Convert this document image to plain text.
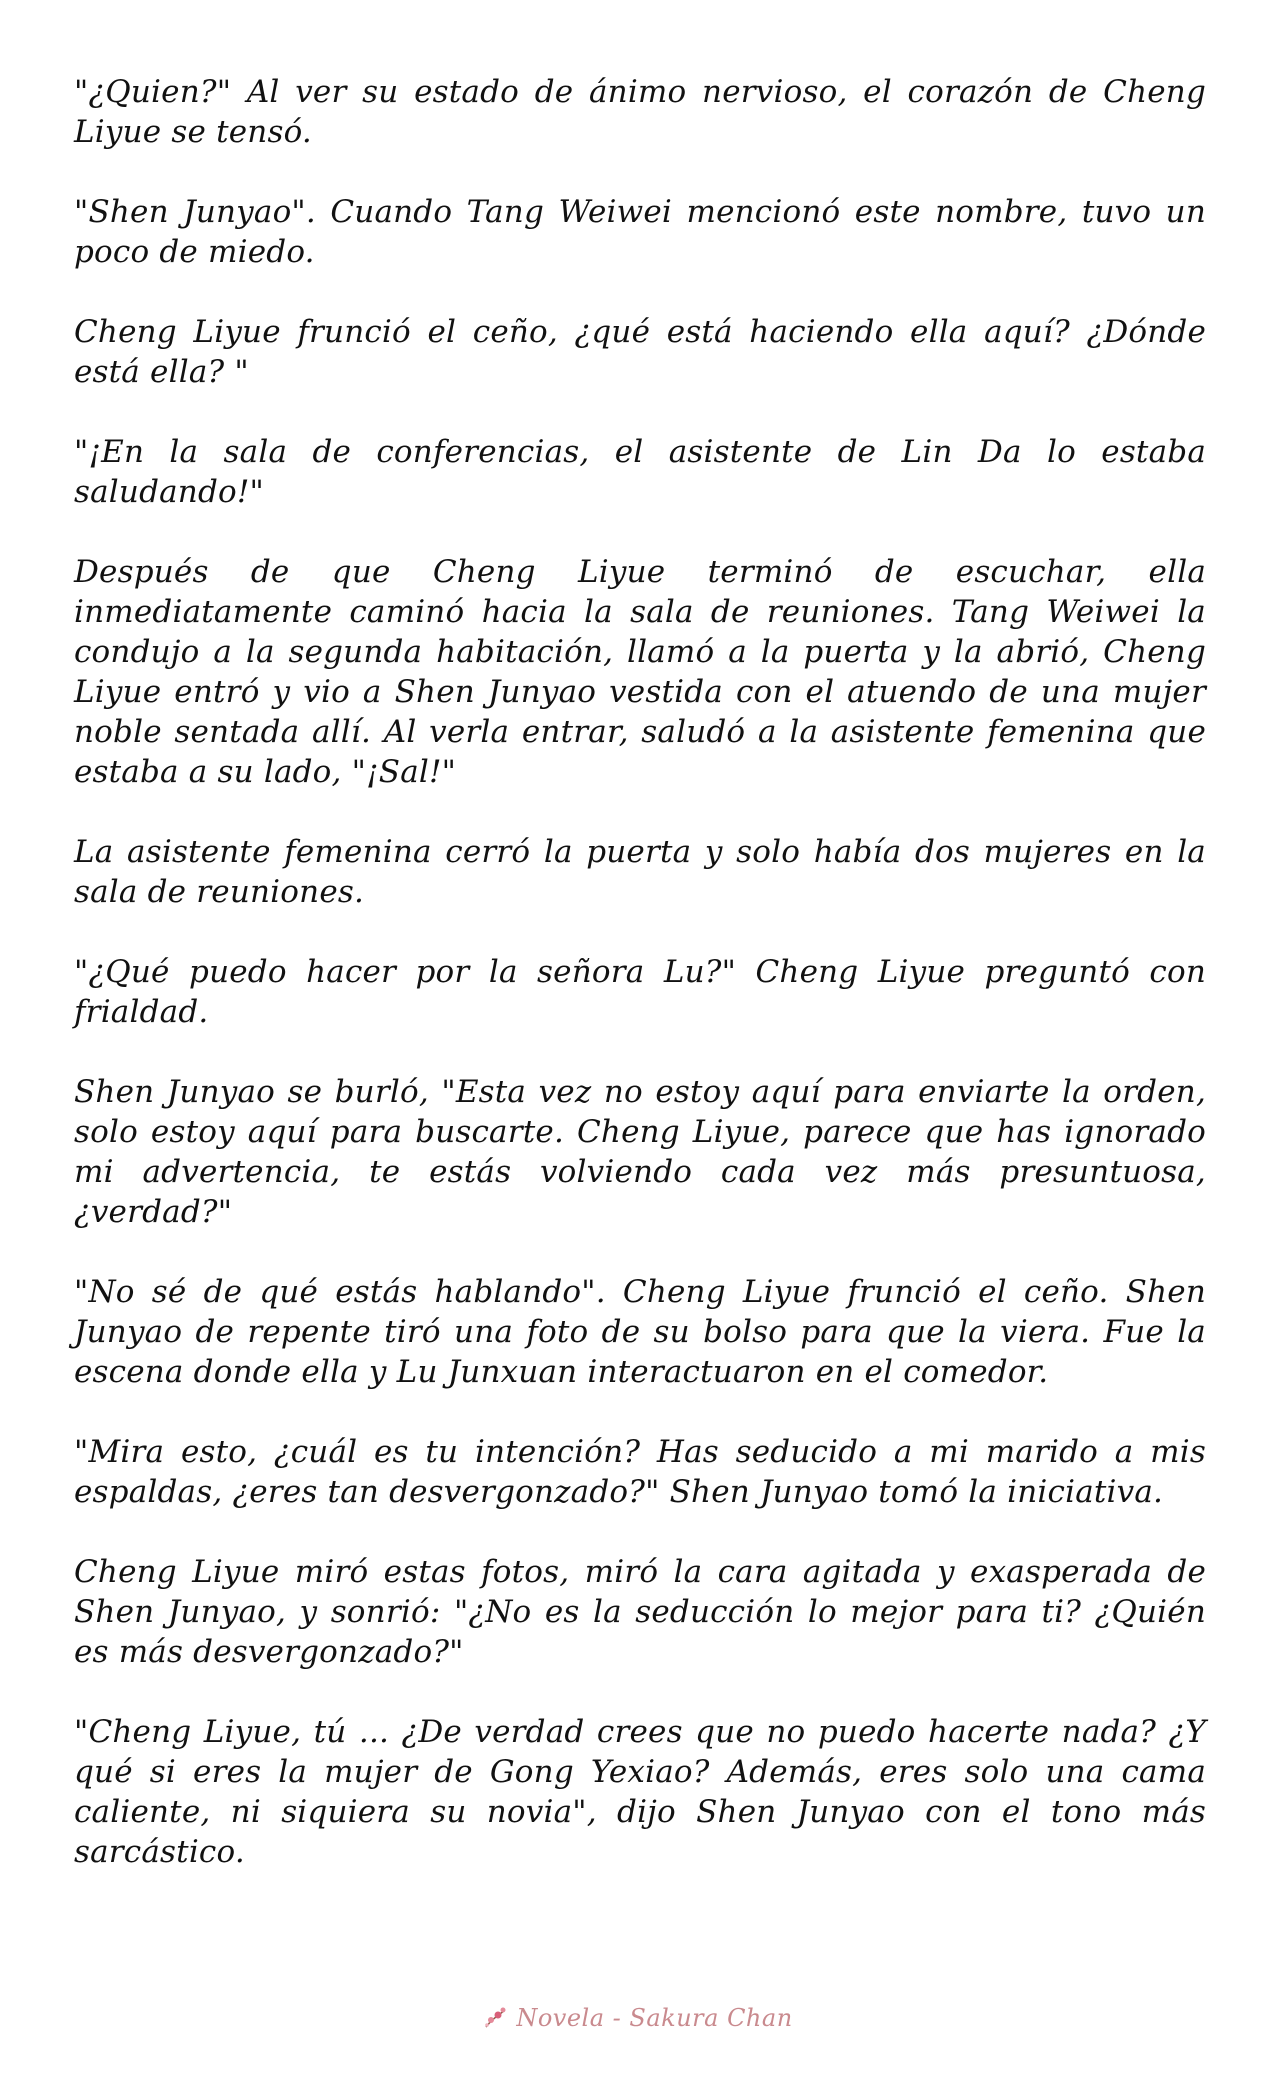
"¿Quien?" Al ver su estado de ánimo nervioso, el corazón de Cheng Liyue se tensó.

"Shen Junyao". Cuando Tang Weiwei mencionó este nombre, tuvo un poco de miedo.

Cheng Liyue frunció el ceño, ¿qué está haciendo ella aquí? ¿Dónde está ella? "

"¡En la sala de conferencias, el asistente de Lin Da lo estaba saludando!"

Después de que Cheng Liyue terminó de escuchar, ella inmediatamente caminó hacia la sala de reuniones. Tang Weiwei la condujo a la segunda habitación, llamó a la puerta y la abrió, Cheng Liyue entró y vio a Shen Junyao vestida con el atuendo de una mujer noble sentada allí. Al verla entrar, saludó a la asistente femenina que estaba a su lado, "¡Sal!"

La asistente femenina cerró la puerta y solo había dos mujeres en la sala de reuniones.

"¿Qué puedo hacer por la señora Lu?" Cheng Liyue preguntó con frialdad.

Shen Junyao se burló, "Esta vez no estoy aquí para enviarte la orden, solo estoy aquí para buscarte. Cheng Liyue, parece que has ignorado mi advertencia, te estás volviendo cada vez más presuntuosa, ¿verdad?"

"No sé de qué estás hablando". Cheng Liyue frunció el ceño. Shen Junyao de repente tiró una foto de su bolso para que la viera. Fue la escena donde ella y Lu Junxuan interactuaron en el comedor.

"Mira esto, ¿cuál es tu intención? Has seducido a mi marido a mis espaldas, ¿eres tan desvergonzado?" Shen Junyao tomó la iniciativa.

Cheng Liyue miró estas fotos, miró la cara agitada y exasperada de Shen Junyao, y sonrió: "¿No es la seducción lo mejor para ti? ¿Quién es más desvergonzado?"

"Cheng Liyue, tú ... ¿De verdad crees que no puedo hacerte nada? ¿Y qué si eres la mujer de Gong Yexiao? Además, eres solo una cama caliente, ni siquiera su novia", dijo Shen Junyao con el tono más sarcástico.

Novela - Sakura Chan
